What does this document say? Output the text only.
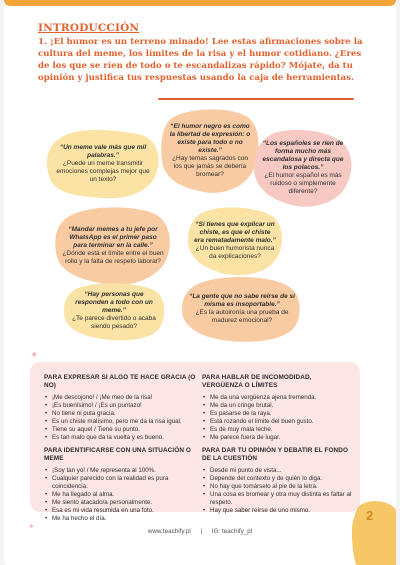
INTRODUCCIÓN
1. ¡El humor es un terreno minado! Lee estas afirmaciones sobre la cultura del meme, los límites de la risa y el humor cotidiano. ¿Eres de los que se ríen de todo o te escandalizas rápido? Mójate, da tu opinión y justifica tus respuestas usando la caja de herramientas.
“Un meme vale más que mil palabras.”
¿Puede un meme transmitir emociones complejas mejor que un texto?
“El humor negro es como la libertad de expresión: o existe para todo o no existe.”
¿Hay temas sagrados con los que jamás se debería bromear?
“Los españoles se ríen de forma mucho más escandalosa y directa que los polacos.”
¿El humor español es más ruidoso o simplemente diferente?
“Mandar memes a tu jefe por WhatsApp es el primer paso para terminar en la calle.”
¿Dónde está el límite entre el buen rollo y la falta de respeto laboral?
“Si tienes que explicar un chiste, es que el chiste era rematadamente malo.”
¿Un buen humorista nunca da explicaciones?
“Hay personas que responden a todo con un meme.”
¿Te parece divertido o acaba siendo pesado?
“La gente que no sabe reírse de sí misma es insoportable.”
¿Es la autoironía una prueba de madurez emocional?
PARA EXPRESAR SI ALGO TE HACE GRACIA (O NO)
• ¡Me descojono! / ¡Me meo de la risa!
• ¡Es buenísimo! / ¡Es un puntazo!
• No tiene ni puta gracia.
• Es un chiste malísimo, pero me da la risa igual.
• Tiene su aquel / Tiene su punto.
• Es tan malo que da la vuelta y es bueno.
PARA IDENTIFICARSE CON UNA SITUACIÓN O MEME
• ¡Soy tan yo! / Me representa al 100%.
• Cualquier parecido con la realidad es pura coincidencia.
• Me ha llegado al alma.
• Me siento atacado/a personalmente.
• Esa es mi vida resumida en una foto.
• Me ha hecho el día.
PARA HABLAR DE INCOMODIDAD, VERGÜENZA O LÍMITES
• Me da una vergüenza ajena tremenda.
• Me da un cringe brutal.
• Es pasarse de la raya.
• Está rozando el límite del buen gusto.
• Es de muy mala leche.
• Me parece fuera de lugar.
PARA DAR TU OPINIÓN Y DEBATIR EL FONDO DE LA CUESTIÓN
• Desde mi punto de vista...
• Depende del contexto y de quién lo diga.
• No hay que tomárselo al pie de la letra.
• Una cosa es bromear y otra muy distinta es faltar al respeto.
• Hay que saber reírse de uno mismo.
✦
✦
www.teachify.pl | IG: teachify_pl
2
